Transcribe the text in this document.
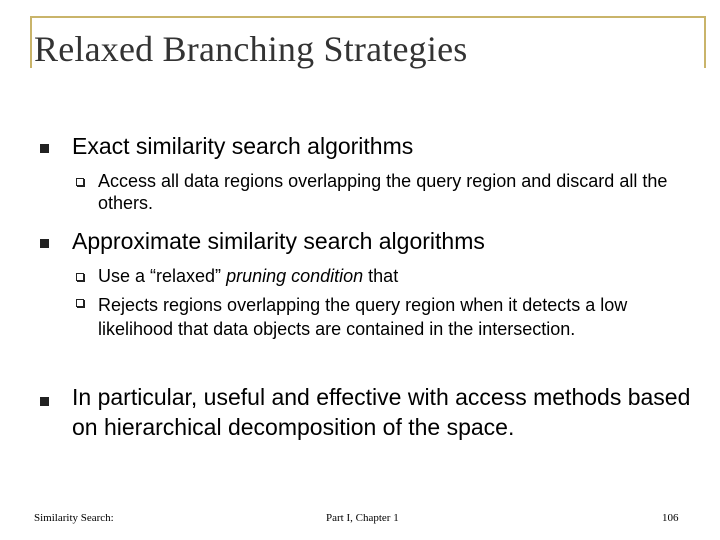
Relaxed Branching Strategies
Exact similarity search algorithms
Access all data regions overlapping the query region and discard all the others.
Approximate similarity search algorithms
Use a “relaxed” pruning condition that
Rejects regions overlapping the query region when it detects a low likelihood that data objects are contained in the intersection.
In particular, useful and effective with access methods based on hierarchical decomposition of the space.
Similarity Search:	Part I, Chapter 1	106
